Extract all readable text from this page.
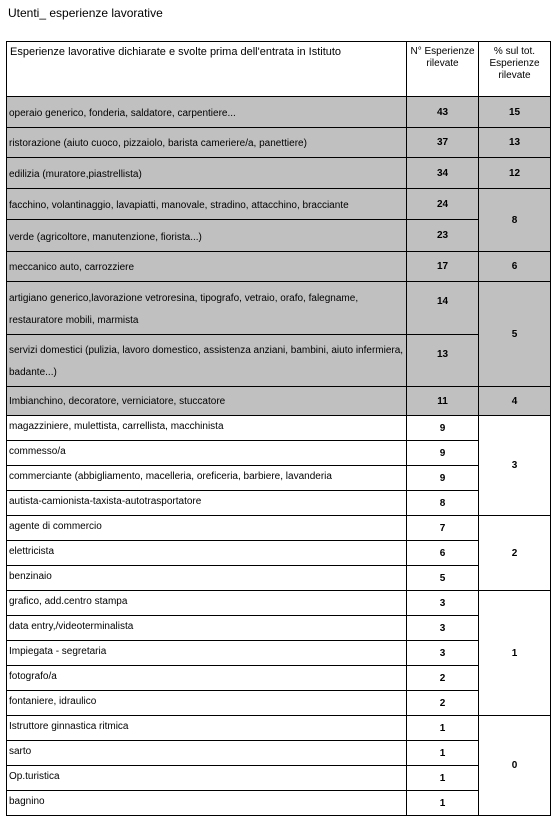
Utenti_ esperienze lavorative
Esperienze lavorative dichiarate e svolte prima dell'entrata in Istituto	N° Esperienze rilevate	% sul tot. Esperienze rilevate
operaio generico, fonderia, saldatore, carpentiere...	43	15
ristorazione (aiuto cuoco, pizzaiolo, barista cameriere/a, panettiere)	37	13
edilizia (muratore,piastrellista)	34	12
facchino, volantinaggio, lavapiatti, manovale, stradino, attacchino, bracciante	24	8
verde (agricoltore, manutenzione, fiorista...)	23	
meccanico auto, carrozziere	17	6
artigiano generico,lavorazione vetroresina, tipografo, vetraio, orafo, falegname, restauratore mobili, marmista	14	5
servizi domestici (pulizia, lavoro domestico, assistenza anziani, bambini, aiuto infermiera, badante...)	13	
Imbianchino, decoratore, verniciatore, stuccatore	11	4
magazziniere, mulettista, carrellista, macchinista	9	3
commesso/a	9	
commerciante (abbigliamento, macelleria, oreficeria, barbiere, lavanderia	9	
autista-camionista-taxista-autotrasportatore	8	
agente di commercio	7	2
elettricista	6	
benzinaio	5	
grafico, add.centro stampa	3	1
data entry,/videoterminalista	3	
Impiegata - segretaria	3	
fotografo/a	2	
fontaniere, idraulico	2	
Istruttore ginnastica ritmica	1	0
sarto	1	
Op.turistica	1	
bagnino	1	
